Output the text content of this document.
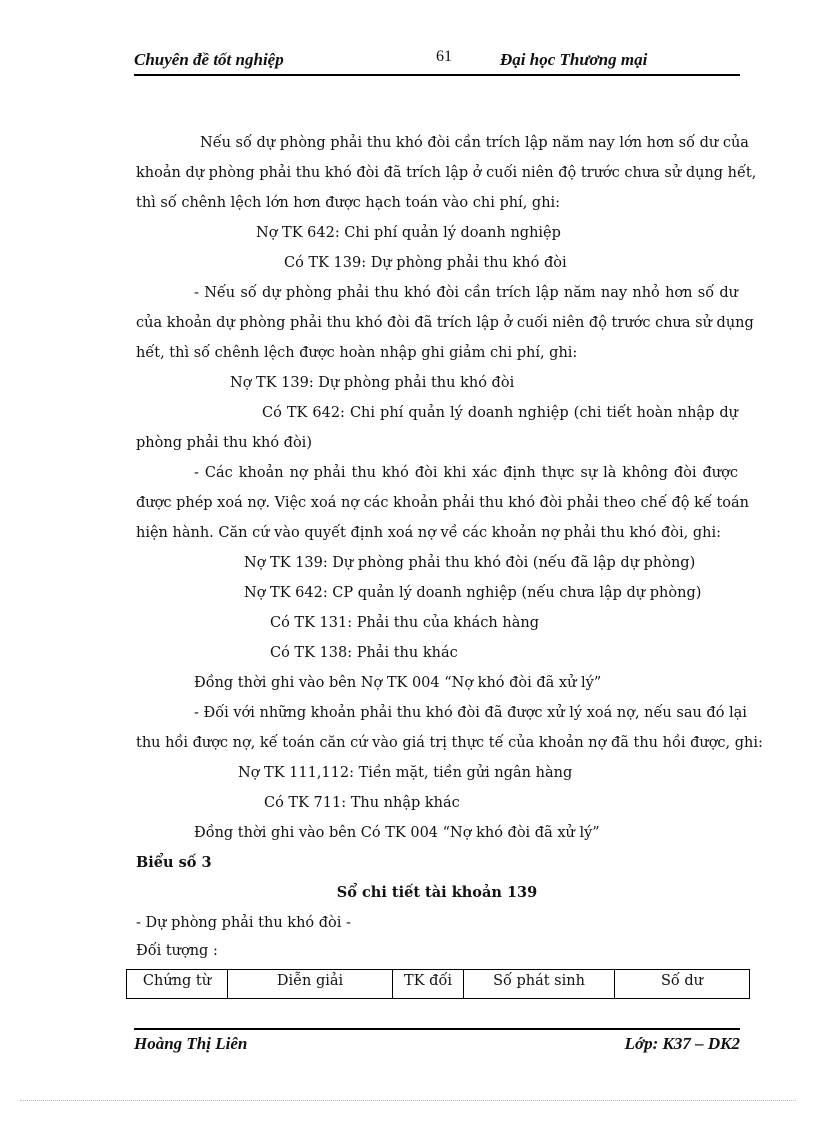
Chuyên đề tốt nghiệp	61	Đại học Thương mại
Nếu số dự phòng phải thu khó đòi cần trích lập năm nay lớn hơn số dư của
khoản dự phòng phải thu khó đòi đã trích lập ở cuối niên độ trước chưa sử dụng hết,
thì số chênh lệch lớn hơn được hạch toán vào chi phí, ghi:
Nợ TK 642: Chi phí quản lý doanh nghiệp
Có TK 139: Dự phòng phải thu khó đòi
- Nếu số dự phòng phải thu khó đòi cần trích lập năm nay nhỏ hơn số dư
của khoản dự phòng phải thu khó đòi đã trích lập ở cuối niên độ trước chưa sử dụng
hết, thì số chênh lệch được hoàn nhập ghi giảm chi phí, ghi:
Nợ TK 139: Dự phòng phải thu khó đòi
Có TK 642: Chi phí quản lý doanh nghiệp (chi tiết hoàn nhập dự
phòng phải thu khó đòi)
- Các khoản nợ phải thu khó đòi khi xác định thực sự là không đòi được
được phép xoá nợ. Việc xoá nợ các khoản phải thu khó đòi phải theo chế độ kế toán
hiện hành. Căn cứ vào quyết định xoá nợ về các khoản nợ phải thu khó đòi, ghi:
Nợ TK 139: Dự phòng phải thu khó đòi (nếu đã lập dự phòng)
Nợ TK 642: CP quản lý doanh nghiệp (nếu chưa lập dự phòng)
Có TK 131: Phải thu của khách hàng
Có TK 138: Phải thu khác
Đồng thời ghi vào bên Nợ TK 004 “Nợ khó đòi đã xử lý”
- Đối với những khoản phải thu khó đòi đã được xử lý xoá nợ, nếu sau đó lại
thu hồi được nợ, kế toán căn cứ vào giá trị thực tế của khoản nợ đã thu hồi được, ghi:
Nợ TK 111,112: Tiền mặt, tiền gửi ngân hàng
Có TK 711: Thu nhập khác
Đồng thời ghi vào bên Có TK 004 “Nợ khó đòi đã xử lý”
Biểu số 3
Sổ chi tiết tài khoản 139
- Dự phòng phải thu khó đòi -
Đối tượng :
Chứng từ	Diễn giải	TK đối	Số phát sinh	Số dư
Hoàng Thị Liên	Lớp: K37 – DK2
